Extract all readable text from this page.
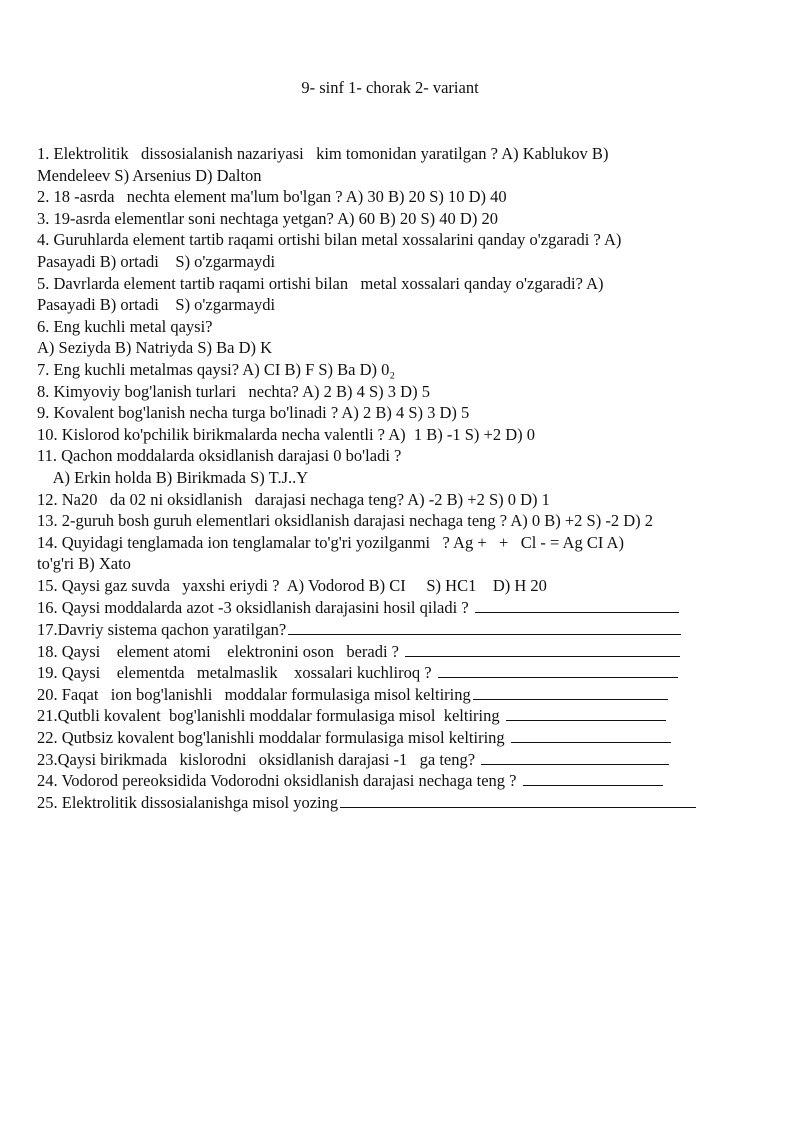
9- sinf 1- chorak 2- variant
1. Elektrolitik   dissosialanish nazariyasi   kim tomonidan yaratilgan ? A) Kablukov B)
Mendeleev S) Arsenius D) Dalton
2. 18 -asrda   nechta element ma'lum bo'lgan ? A) 30 B) 20 S) 10 D) 40
3. 19-asrda elementlar soni nechtaga yetgan? A) 60 B) 20 S) 40 D) 20
4. Guruhlarda element tartib raqami ortishi bilan metal xossalarini qanday o'zgaradi ? A)
Pasayadi B) ortadi    S) o'zgarmaydi
5. Davrlarda element tartib raqami ortishi bilan   metal xossalari qanday o'zgaradi? A)
Pasayadi B) ortadi    S) o'zgarmaydi
6. Eng kuchli metal qaysi?
A) Seziyda B) Natriyda S) Ba D) K
7. Eng kuchli metalmas qaysi? A) CI B) F S) Ba D) 0₂
8. Kimyoviy bog'lanish turlari   nechta? A) 2 B) 4 S) 3 D) 5
9. Kovalent bog'lanish necha turga bo'linadi ? A) 2 B) 4 S) 3 D) 5
10. Kislorod ko'pchilik birikmalarda necha valentli ? A)  1 B) -1 S) +2 D) 0
11. Qachon moddalarda oksidlanish darajasi 0 bo'ladi ?
A) Erkin holda B) Birikmada S) T.J..Y
12. Na20   da 02 ni oksidlanish   darajasi nechaga teng? A) -2 B) +2 S) 0 D) 1
13. 2-guruh bosh guruh elementlari oksidlanish darajasi nechaga teng ? A) 0 B) +2 S) -2 D) 2
14. Quyidagi tenglamada ion tenglamalar to'g'ri yozilganmi   ? Ag +   +   Cl - = Ag CI A)
to'g'ri B) Xato
15. Qaysi gaz suvda   yaxshi eriydi ?  A) Vodorod B) CI     S) HC1    D) H 20
16. Qaysi moddalarda azot -3 oksidlanish darajasini hosil qiladi ?
17.Davriy sistema qachon yaratilgan?
18. Qaysi    element atomi    elektronini oson   beradi ?
19. Qaysi    elementda   metalmaslik    xossalari kuchliroq ?
20. Faqat   ion bog'lanishli   moddalar formulasiga misol keltiring
21.Qutbli kovalent  bog'lanishli moddalar formulasiga misol  keltiring
22. Qutbsiz kovalent bog'lanishli moddalar formulasiga misol keltiring
23.Qaysi birikmada   kislorodni   oksidlanish darajasi -1   ga teng?
24. Vodorod pereoksidida Vodorodni oksidlanish darajasi nechaga teng ?
25. Elektrolitik dissosialanishga misol yozing
